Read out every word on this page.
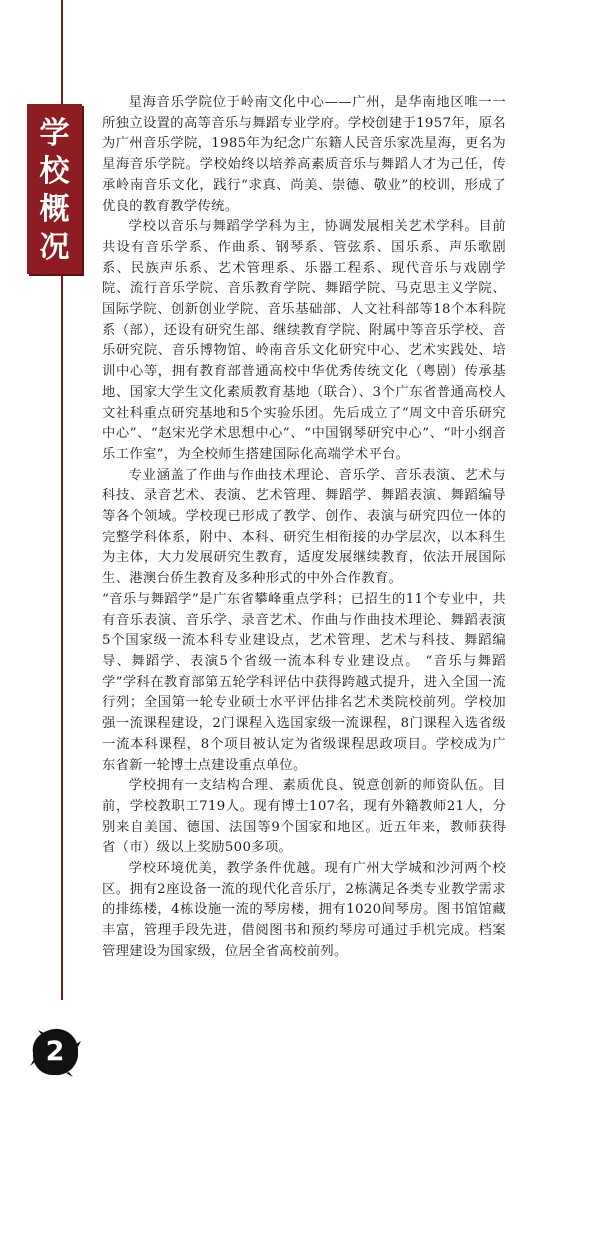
学
校
概
况

星海音乐学院位于岭南文化中心——广州，是华南地区唯一一所独立设置的高等音乐与舞蹈专业学府。学校创建于1957年，原名为广州音乐学院，1985年为纪念广东籍人民音乐家冼星海，更名为星海音乐学院。学校始终以培养高素质音乐与舞蹈人才为己任，传承岭南音乐文化，践行“求真、尚美、崇德、敬业”的校训，形成了优良的教育教学传统。

学校以音乐与舞蹈学学科为主，协调发展相关艺术学科。目前共设有音乐学系、作曲系、钢琴系、管弦系、国乐系、声乐歌剧系、民族声乐系、艺术管理系、乐器工程系、现代音乐与戏剧学院、流行音乐学院、音乐教育学院、舞蹈学院、马克思主义学院、国际学院、创新创业学院、音乐基础部、人文社科部等18个本科院系（部），还设有研究生部、继续教育学院、附属中等音乐学校、音乐研究院、音乐博物馆、岭南音乐文化研究中心、艺术实践处、培训中心等，拥有教育部普通高校中华优秀传统文化（粤剧）传承基地、国家大学生文化素质教育基地（联合）、3个广东省普通高校人文社科重点研究基地和5个实验乐团。先后成立了“周文中音乐研究中心”、“赵宋光学术思想中心”、“中国钢琴研究中心”、“叶小纲音乐工作室”，为全校师生搭建国际化高端学术平台。

专业涵盖了作曲与作曲技术理论、音乐学、音乐表演、艺术与科技、录音艺术、表演、艺术管理、舞蹈学、舞蹈表演、舞蹈编导等各个领域。学校现已形成了教学、创作、表演与研究四位一体的完整学科体系，附中、本科、研究生相衔接的办学层次，以本科生为主体，大力发展研究生教育，适度发展继续教育，依法开展国际生、港澳台侨生教育及多种形式的中外合作教育。

“音乐与舞蹈学”是广东省攀峰重点学科；已招生的11个专业中，共有音乐表演、音乐学、录音艺术、作曲与作曲技术理论、舞蹈表演5个国家级一流本科专业建设点，艺术管理、艺术与科技、舞蹈编导、舞蹈学、表演5个省级一流本科专业建设点。 “音乐与舞蹈学”学科在教育部第五轮学科评估中获得跨越式提升，进入全国一流行列；全国第一轮专业硕士水平评估排名艺术类院校前列。学校加强一流课程建设，2门课程入选国家级一流课程，8门课程入选省级一流本科课程，8个项目被认定为省级课程思政项目。学校成为广东省新一轮博士点建设重点单位。

学校拥有一支结构合理、素质优良、锐意创新的师资队伍。目前，学校教职工719人。现有博士107名，现有外籍教师21人，分别来自美国、德国、法国等9个国家和地区。近五年来，教师获得省（市）级以上奖励500多项。

学校环境优美，教学条件优越。现有广州大学城和沙河两个校区。拥有2座设备一流的现代化音乐厅，2栋满足各类专业教学需求的排练楼，4栋设施一流的琴房楼，拥有1020间琴房。图书馆馆藏丰富，管理手段先进，借阅图书和预约琴房可通过手机完成。档案管理建设为国家级，位居全省高校前列。

2
